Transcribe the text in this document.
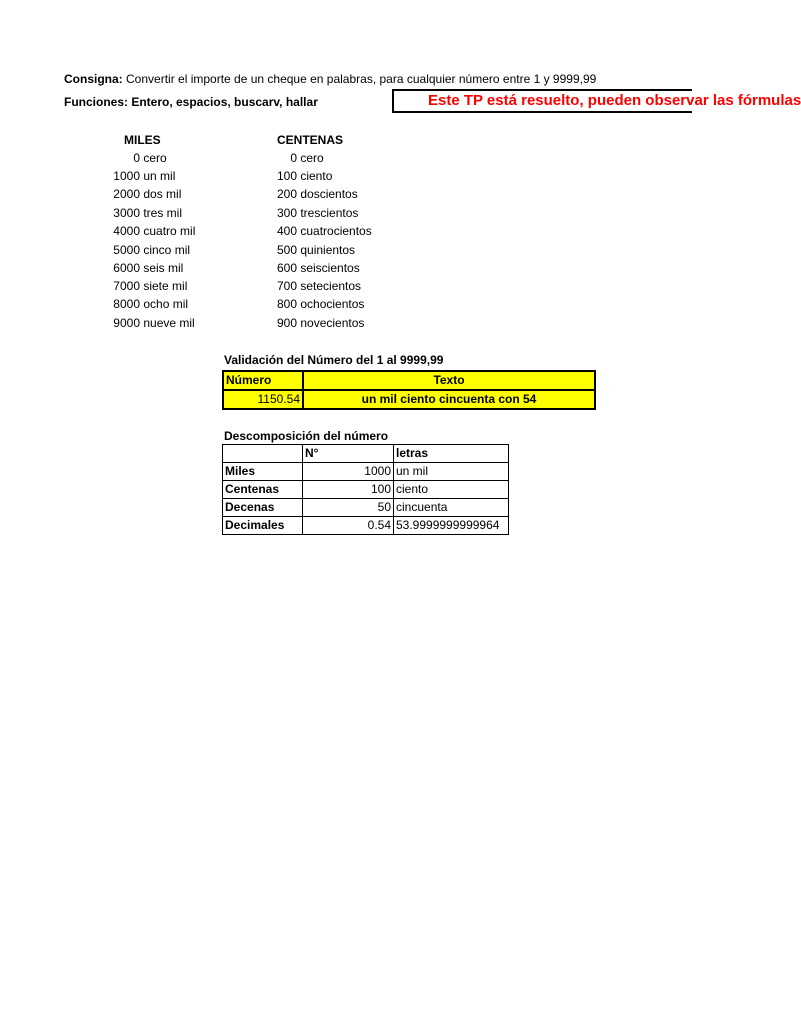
Consigna: Convertir el importe de un cheque en palabras, para cualquier número entre 1 y 9999,99
Funciones: Entero, espacios, buscarv, hallar	Este TP está resuelto, pueden observar las fórmulas
MILES
0 cero
1000 un mil
2000 dos mil
3000 tres mil
4000 cuatro mil
5000 cinco mil
6000 seis mil
7000 siete mil
8000 ocho mil
9000 nueve mil
CENTENAS
0 cero
100 ciento
200 doscientos
300 trescientos
400 cuatrocientos
500 quinientos
600 seiscientos
700 setecientos
800 ochocientos
900 novecientos
Validación del Número del 1 al 9999,99
Número	Texto
1150.54	un mil ciento cincuenta con 54
Descomposición del número
	N°	letras
Miles	1000	un mil
Centenas	100	ciento
Decenas	50	cincuenta
Decimales	0.54	53.9999999999964
